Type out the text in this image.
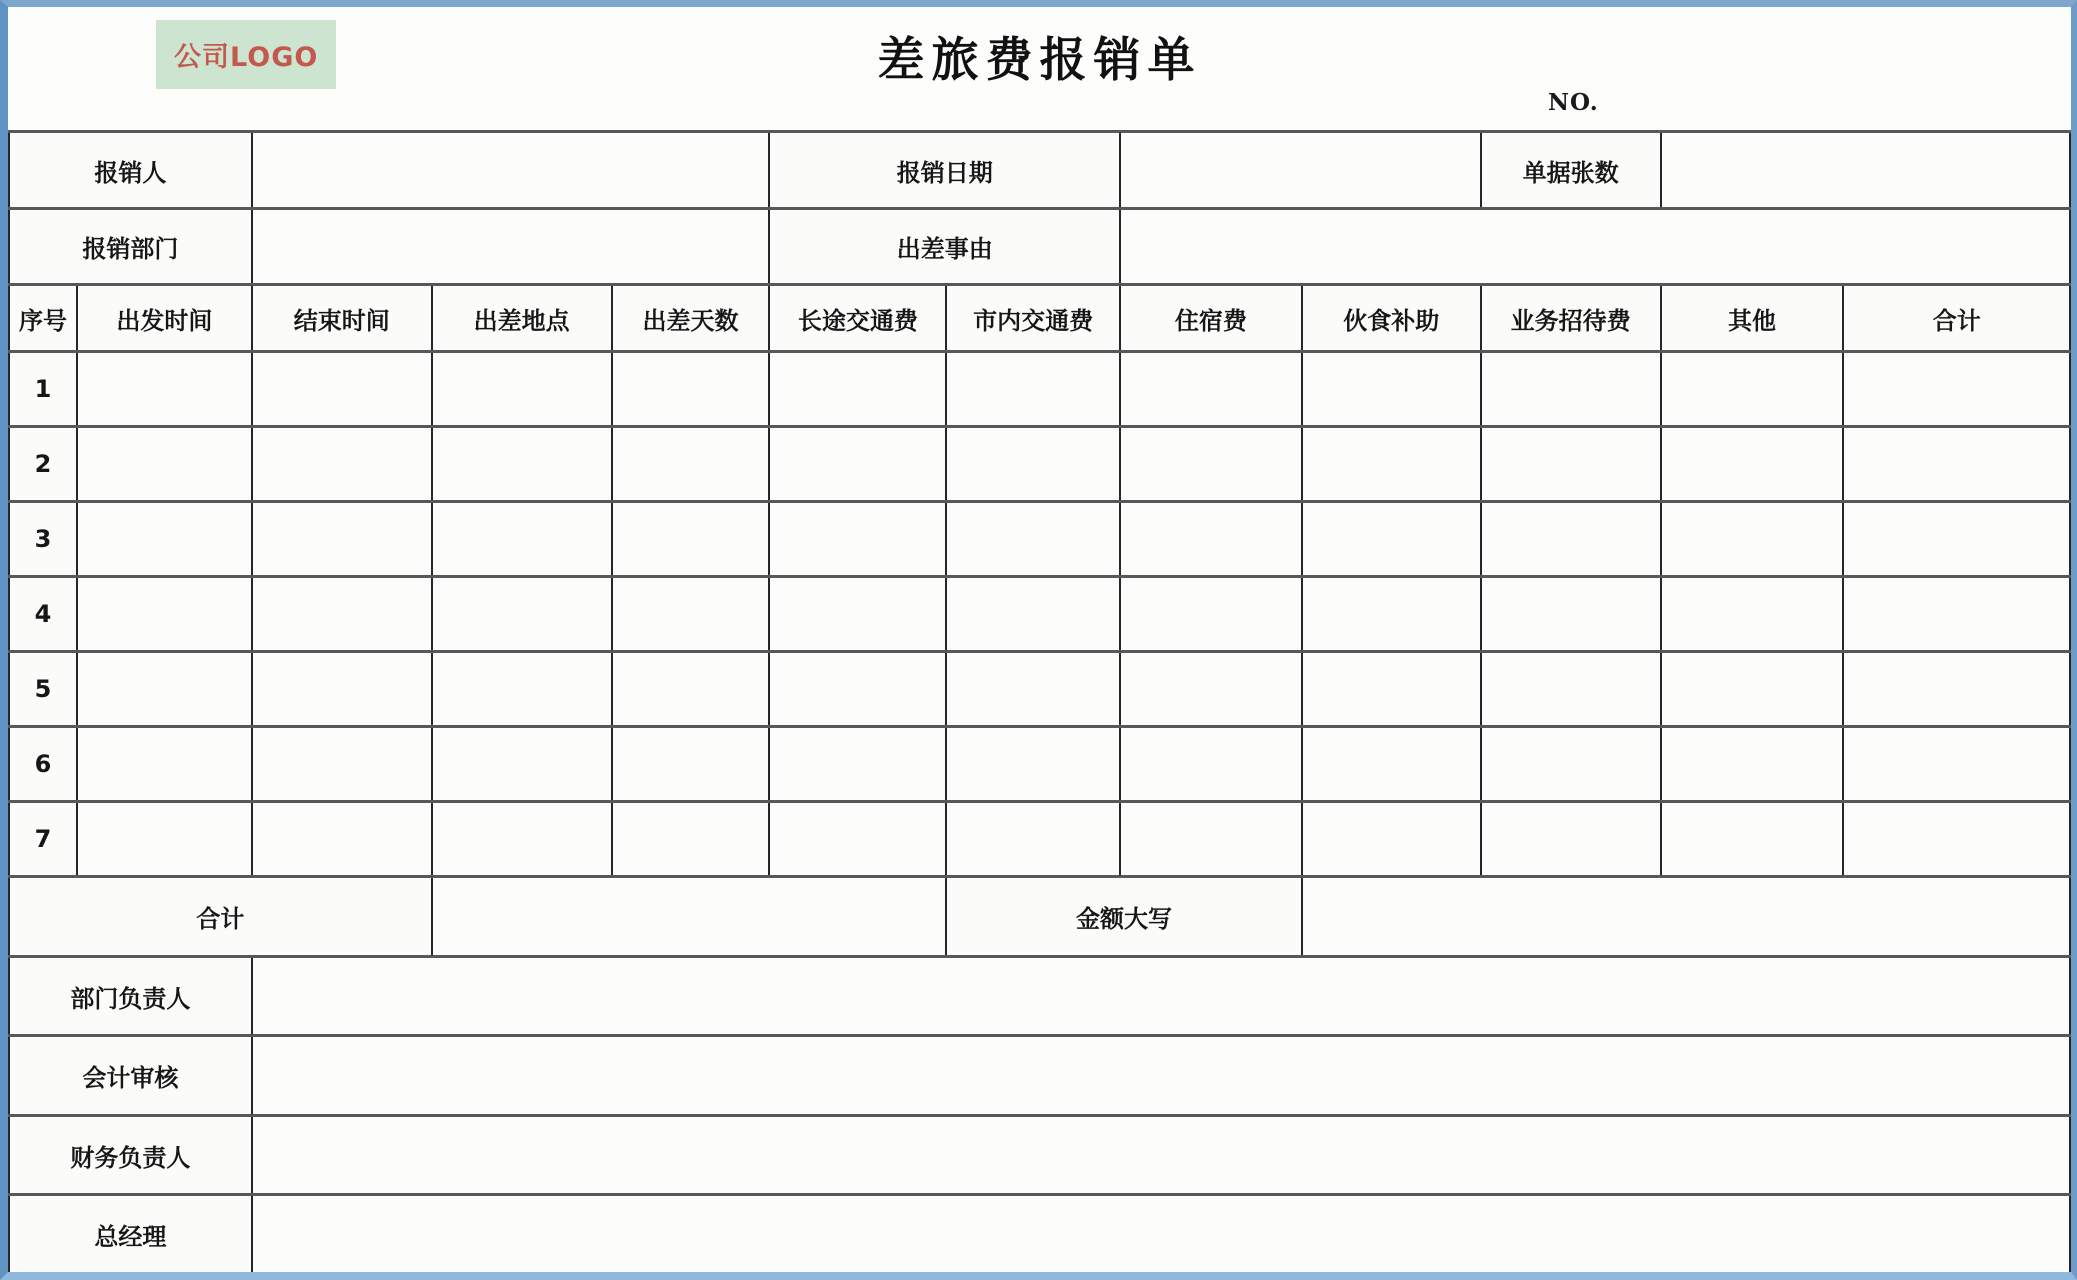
公司LOGO	差旅费报销单
NO.
报销人					报销日期				单据张数		
报销部门					出差事由						
序号	出发时间	结束时间	出差地点	出差天数	长途交通费	市内交通费	住宿费	伙食补助	业务招待费	其他	合计
1											
2											
3											
4											
5											
6											
7											
合计						金额大写					
部门负责人											
会计审核											
财务负责人											
总经理											
